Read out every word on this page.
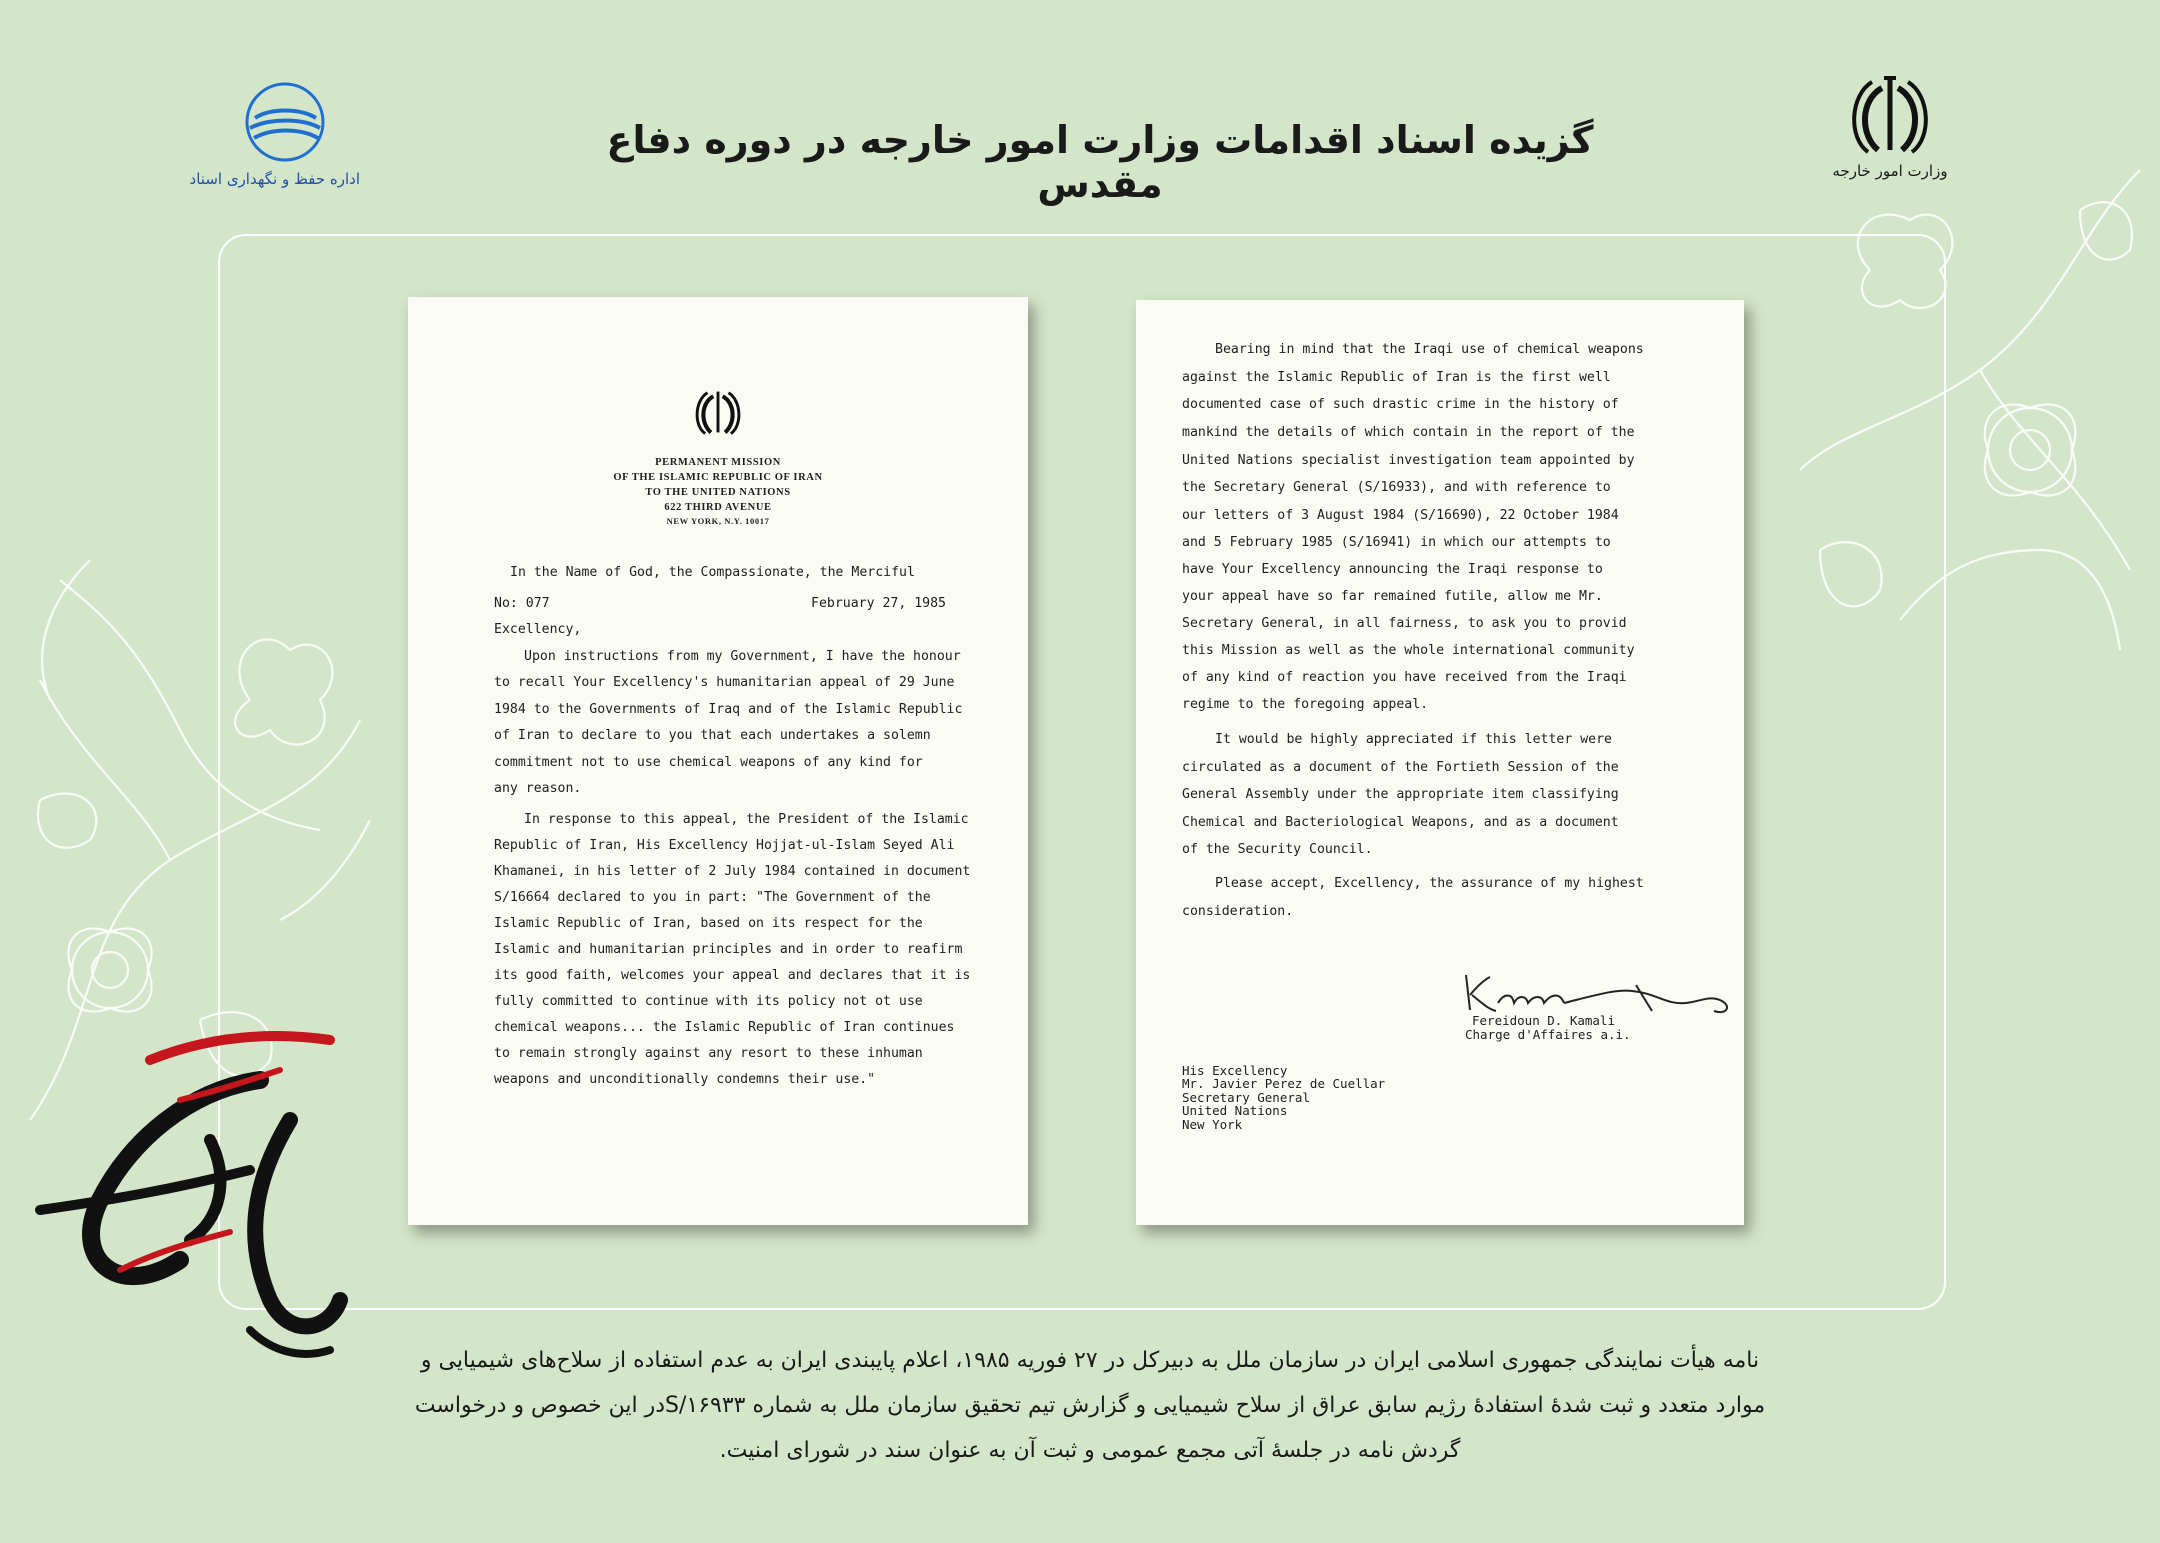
اداره حفظ و نگهداری اسناد	وزارت امور خارجه
گزیده اسناد اقدامات وزارت امور خارجه در دوره دفاع مقدس
PERMANENT MISSION
OF THE ISLAMIC REPUBLIC OF IRAN
TO THE UNITED NATIONS
622 THIRD AVENUE
NEW YORK, N.Y. 10017
In the Name of God, the Compassionate, the Merciful
No: 077	February 27, 1985
Excellency,
Upon instructions from my Government, I have the honour
to recall Your Excellency's humanitarian appeal of 29 June
1984 to the Governments of Iraq and of the Islamic Republic
of Iran to declare to you that each undertakes a solemn
commitment not to use chemical weapons of any kind for
any reason.
In response to this appeal, the President of the Islamic
Republic of Iran, His Excellency Hojjat-ul-Islam Seyed Ali
Khamanei, in his letter of 2 July 1984 contained in document
S/16664 declared to you in part: "The Government of the
Islamic Republic of Iran, based on its respect for the
Islamic and humanitarian principles and in order to reafirm
its good faith, welcomes your appeal and declares that it is
fully committed to continue with its policy not ot use
chemical weapons... the Islamic Republic of Iran continues
to remain strongly against any resort to these inhuman
weapons and unconditionally condemns their use."
Bearing in mind that the Iraqi use of chemical weapons
against the Islamic Republic of Iran is the first well
documented case of such drastic crime in the history of
mankind the details of which contain in the report of the
United Nations specialist investigation team appointed by
the Secretary General (S/16933), and with reference to
our letters of 3 August 1984 (S/16690), 22 October 1984
and 5 February 1985 (S/16941) in which our attempts to
have Your Excellency announcing the Iraqi response to
your appeal have so far remained futile, allow me Mr.
Secretary General, in all fairness, to ask you to provid
this Mission as well as the whole international community
of any kind of reaction you have received from the Iraqi
regime to the foregoing appeal.
It would be highly appreciated if this letter were
circulated as a document of the Fortieth Session of the
General Assembly under the appropriate item classifying
Chemical and Bacteriological Weapons, and as a document
of the Security Council.
Please accept, Excellency, the assurance of my highest
consideration.
Fereidoun D. Kamali
Charge d'Affaires a.i.
His Excellency
Mr. Javier Perez de Cuellar
Secretary General
United Nations
New York
نامه هیأت نمایندگی جمهوری اسلامی ایران در سازمان ملل به دبیرکل در ۲۷ فوریه ۱۹۸۵، اعلام پایبندی ایران به عدم استفاده از سلاح‌های شیمیایی و
موارد متعدد و ثبت شدهٔ استفادهٔ رژیم سابق عراق از سلاح شیمیایی و گزارش تیم تحقیق سازمان ملل به شماره S/۱۶۹۳۳در این خصوص و درخواست
گردش نامه در جلسهٔ آتی مجمع عمومی و ثبت آن به عنوان سند در شورای امنیت.
